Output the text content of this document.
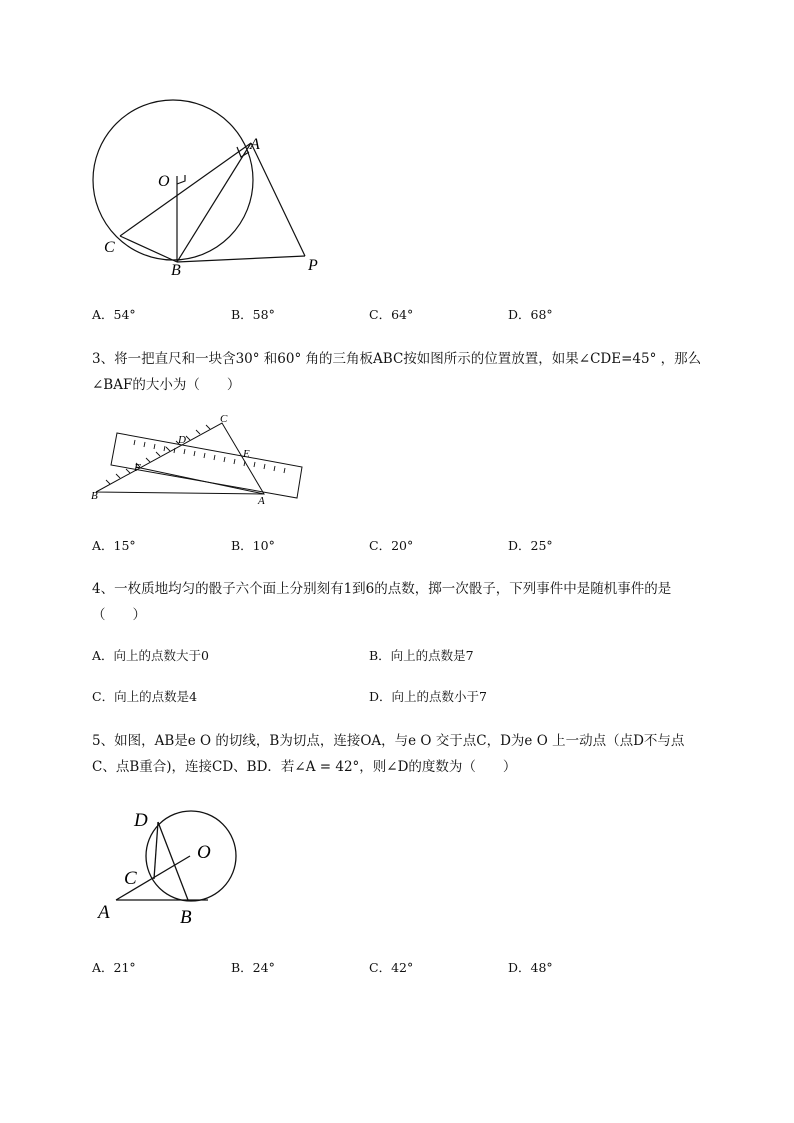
O
A
C
B	P
A．54°	B．58°	C．64°	D．68°
3、将一把直尺和一块含30° 和60° 角的三角板ABC按如图所示的位置放置，如果∠CDE=45° ，那么
∠BAF的大小为（　　）
C
D
E
F
B	A
A．15°	B．10°	C．20°	D．25°
4、一枚质地均匀的骰子六个面上分别刻有1到6的点数，掷一次骰子，下列事件中是随机事件的是
（　　）
A．向上的点数大于0	B．向上的点数是7
C．向上的点数是4	D．向上的点数小于7
5、如图，AB是e O 的切线，B为切点，连接OA，与e O 交于点C，D为e O 上一动点（点D不与点
C、点B重合)，连接CD、BD．若∠A = 42°，则∠D的度数为（　　）
D
O
C
A	B
A．21°	B．24°	C．42°	D．48°
